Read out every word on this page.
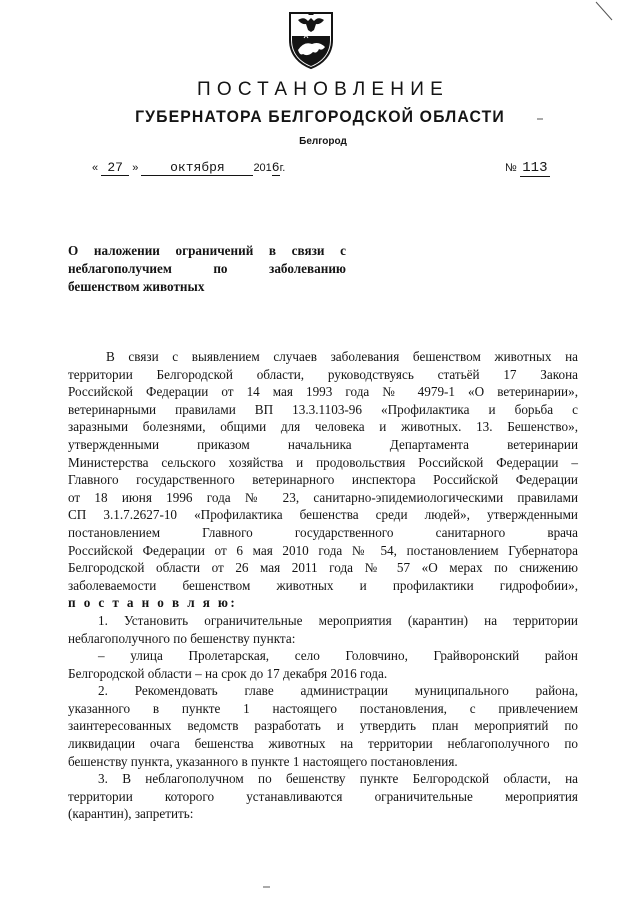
ПОСТАНОВЛЕНИЕ
ГУБЕРНАТОРА БЕЛГОРОДСКОЙ ОБЛАСТИ
Белгород
« 27 » октября	2016г.	№ 113
О наложении ограничений в связи с
неблагополучием по заболеванию
бешенством животных

В связи с выявлением случаев заболевания бешенством животных на

территории Белгородской области, руководствуясь статьёй 17 Закона

Российской Федерации от 14 мая 1993 года № 4979-1 «О ветеринарии»,

ветеринарными правилами ВП 13.3.1103-96 «Профилактика и борьба с

заразными болезнями, общими для человека и животных. 13. Бешенство»,

утвержденными приказом начальника Департамента ветеринарии

Министерства сельского хозяйства и продовольствия Российской Федерации –

Главного государственного ветеринарного инспектора Российской Федерации

от 18 июня 1996 года № 23, санитарно-эпидемиологическими правилами

СП 3.1.7.2627-10 «Профилактика бешенства среди людей», утвержденными

постановлением Главного государственного санитарного врача

Российской Федерации от 6 мая 2010 года № 54, постановлением Губернатора

Белгородской области от 26 мая 2011 года № 57 «О мерах по снижению

заболеваемости бешенством животных и профилактики гидрофобии»,

п о с т а н о в л я ю:

1. Установить ограничительные мероприятия (карантин) на территории

неблагополучного по бешенству пункта:

– улица Пролетарская, село Головчино, Грайворонский район

Белгородской области – на срок до 17 декабря 2016 года.

2. Рекомендовать главе администрации муниципального района,

указанного в пункте 1 настоящего постановления, с привлечением

заинтересованных ведомств разработать и утвердить план мероприятий по

ликвидации очага бешенства животных на территории неблагополучного по

бешенству пункта, указанного в пункте 1 настоящего постановления.

3. В неблагополучном по бешенству пункте Белгородской области, на

территории которого устанавливаются ограничительные мероприятия

(карантин), запретить:
